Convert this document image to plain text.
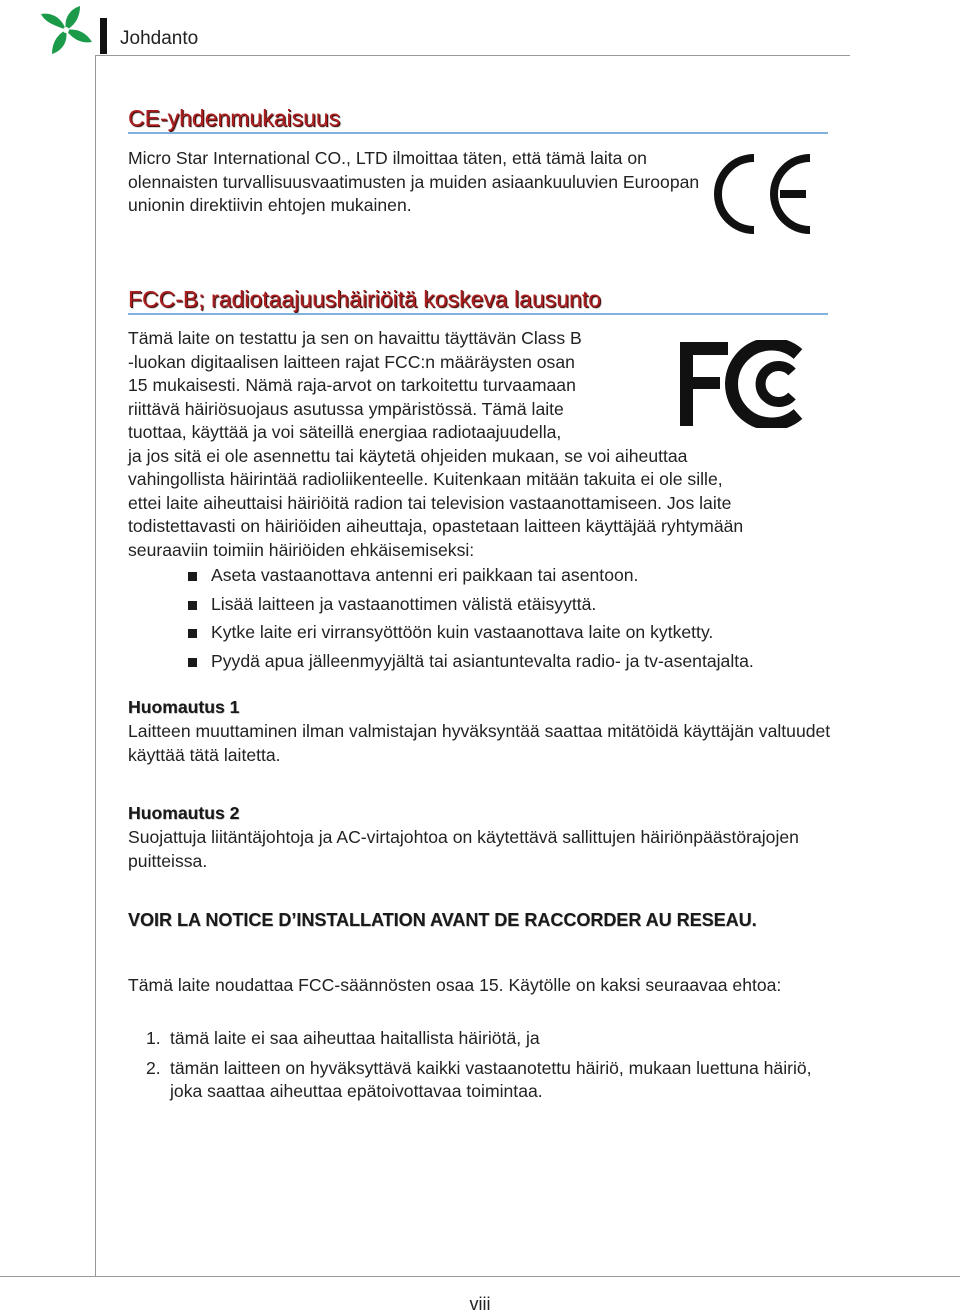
Johdanto
CE-yhdenmukaisuus
Micro Star International CO., LTD ilmoittaa täten, että tämä laita on olennaisten turvallisuusvaatimusten ja muiden asiaankuuluvien Euroopan unionin direktiivin ehtojen mukainen.
FCC-B; radiotaajuushäiriöitä koskeva lausunto
Tämä laite on testattu ja sen on havaittu täyttävän Class B
-luokan digitaalisen laitteen rajat FCC:n määräysten osan
15 mukaisesti. Nämä raja-arvot on tarkoitettu turvaamaan
riittävä häiriösuojaus asutussa ympäristössä. Tämä laite
tuottaa, käyttää ja voi säteillä energiaa radiotaajuudella,
ja jos sitä ei ole asennettu tai käytetä ohjeiden mukaan, se voi aiheuttaa
vahingollista häirintää radioliikenteelle. Kuitenkaan mitään takuita ei ole sille,
ettei laite aiheuttaisi häiriöitä radion tai television vastaanottamiseen. Jos laite
todistettavasti on häiriöiden aiheuttaja, opastetaan laitteen käyttäjää ryhtymään
seuraaviin toimiin häiriöiden ehkäisemiseksi:
Aseta vastaanottava antenni eri paikkaan tai asentoon.
Lisää laitteen ja vastaanottimen välistä etäisyyttä.
Kytke laite eri virransyöttöön kuin vastaanottava laite on kytketty.
Pyydä apua jälleenmyyjältä tai asiantuntevalta radio- ja tv-asentajalta.
Huomautus 1
Laitteen muuttaminen ilman valmistajan hyväksyntää saattaa mitätöidä käyttäjän valtuudet käyttää tätä laitetta.
Huomautus 2
Suojattuja liitäntäjohtoja ja AC-virtajohtoa on käytettävä sallittujen häiriönpäästörajojen puitteissa.
VOIR LA NOTICE D’INSTALLATION AVANT DE RACCORDER AU RESEAU.
Tämä laite noudattaa FCC-säännösten osaa 15. Käytölle on kaksi seuraavaa ehtoa:
1. tämä laite ei saa aiheuttaa haitallista häiriötä, ja
2. tämän laitteen on hyväksyttävä kaikki vastaanotettu häiriö, mukaan luettuna häiriö, joka saattaa aiheuttaa epätoivottavaa toimintaa.
viii
